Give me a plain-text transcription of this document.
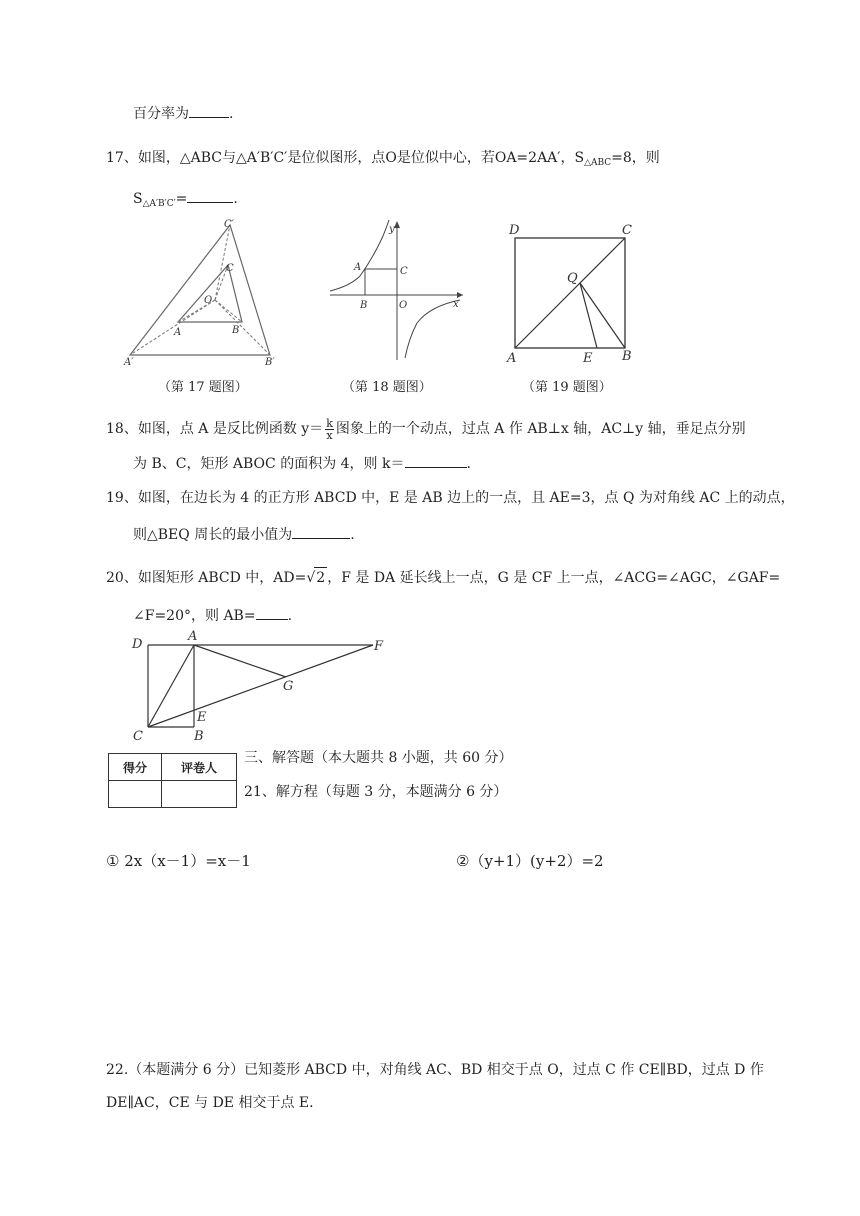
百分率为	.
17、如图，△ABC与△A′B′C′是位似图形，点O是位似中心，若OA=2AA′，$S_{\triangle ABC}=8$，则
$S_{\triangle A'B'C'}=$	.
C′
C
O
A	B
A′	B′
y
A	C
B	O	x
D	C
Q
A	E B
（第 17 题图）	（第 18 题图）	（第 19 题图）
18、如图，点 A 是反比例函数 $y= \frac{k}{x}$ 图象上的一个动点，过点 A 作 AB⊥x 轴，AC⊥y 轴，垂足点分别
为 B、C，矩形 ABOC 的面积为 4，则 k＝	.
19、如图，在边长为 4 的正方形 ABCD 中，E 是 AB 边上的一点，且 AE=3，点 Q 为对角线 AC 上的动点，
则△BEQ 周长的最小值为	.
20、如图矩形 ABCD 中，AD=√2 ，F 是 DA 延长线上一点，G 是 CF 上一点，∠ACG=∠AGC，∠GAF=
∠F=20°，则 AB= .
D
A
F
G
E
C	B
得分	评卷人

三、解答题（本大题共 8 小题，共 60 分）
21、解方程（每题 3 分，本题满分 6 分）
① 2x（x－1）=x－1	②（y+1）(y+2）=2
22.（本题满分 6 分）已知菱形 ABCD 中，对角线 AC、BD 相交于点 O，过点 C 作 CE∥BD，过点 D 作
DE∥AC，CE 与 DE 相交于点 E.
